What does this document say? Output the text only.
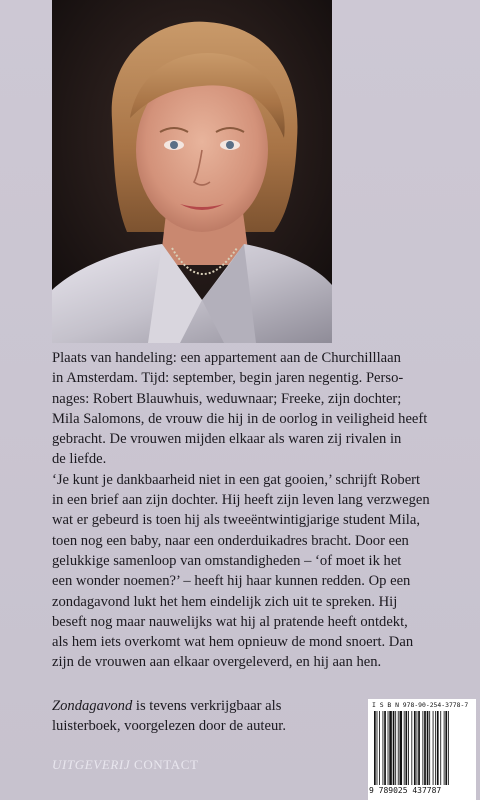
Plaats van handeling: een appartement aan de Churchilllaan
in Amsterdam. Tijd: september, begin jaren negentig. Perso-
nages: Robert Blauwhuis, weduwnaar; Freeke, zijn dochter;
Mila Salomons, de vrouw die hij in de oorlog in veiligheid heeft
gebracht. De vrouwen mijden elkaar als waren zij rivalen in
de liefde.

‘Je kunt je dankbaarheid niet in een gat gooien,’ schrijft Robert
in een brief aan zijn dochter. Hij heeft zijn leven lang verzwegen
wat er gebeurd is toen hij als tweeëntwintigjarige student Mila,
toen nog een baby, naar een onderduikadres bracht. Door een
gelukkige samenloop van omstandigheden – ‘of moet ik het
een wonder noemen?’ – heeft hij haar kunnen redden. Op een
zondagavond lukt het hem eindelijk zich uit te spreken. Hij
beseft nog maar nauwelijks wat hij al pratende heeft ontdekt,
als hem iets overkomt wat hem opnieuw de mond snoert. Dan
zijn de vrouwen aan elkaar overgeleverd, en hij aan hen.

Zondagavond is tevens verkrijgbaar als
luisterboek, voorgelezen door de auteur.
UITGEVERIJ CONTACT
I S B N 978-90-254-3778-7
9 789025 437787
